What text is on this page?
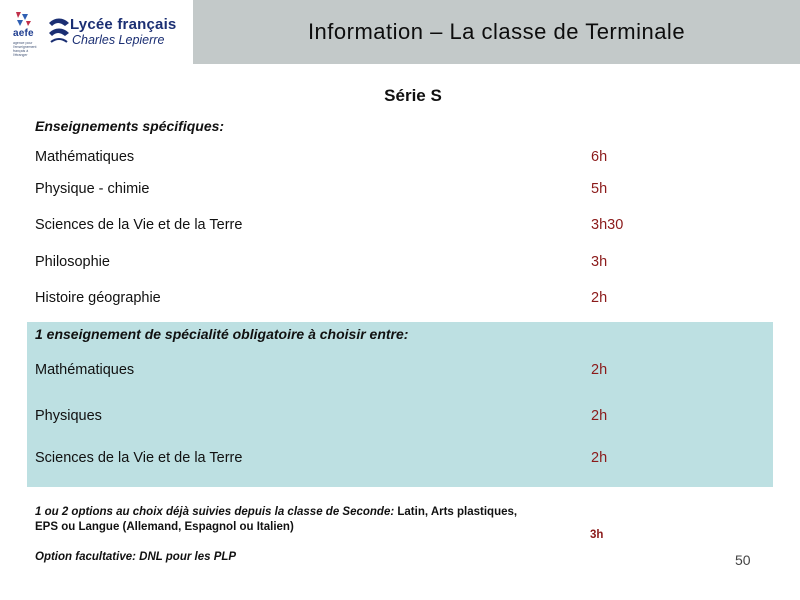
Information – La classe de Terminale
aefe
agence pour l'enseignement français à l'étranger
Lycée français
Charles Lepierre
Série S
Enseignements spécifiques:
Mathématiques	6h
Physique - chimie	5h
Sciences de la Vie et de la Terre	3h30
Philosophie	3h
Histoire géographie	2h
1 enseignement de spécialité obligatoire à choisir entre:
Mathématiques	2h
Physiques	2h
Sciences de la Vie et de la Terre	2h
1 ou 2 options au choix déjà suivies depuis la classe de Seconde: Latin, Arts plastiques, EPS ou Langue (Allemand, Espagnol ou Italien)
3h
Option facultative: DNL pour les PLP	50
